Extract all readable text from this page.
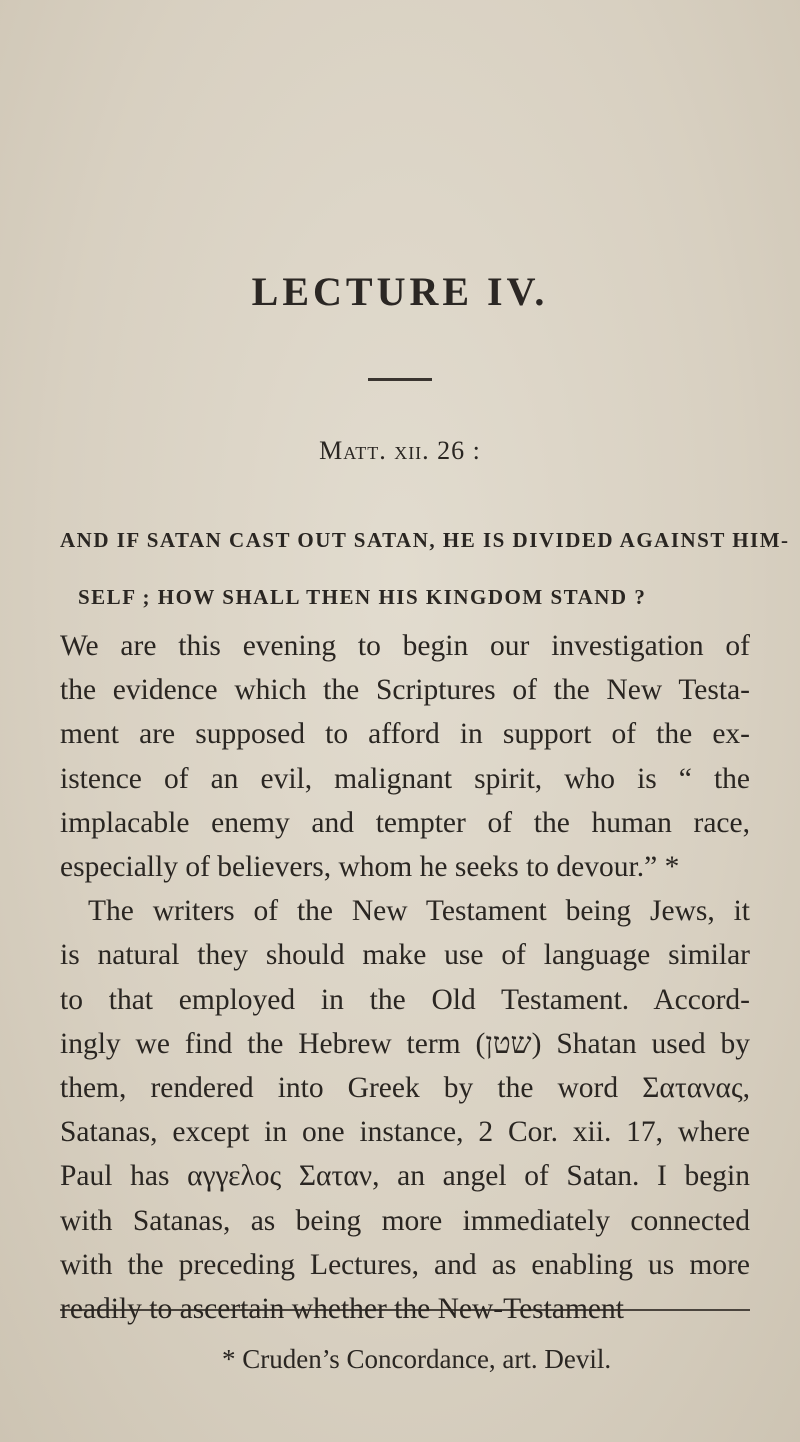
LECTURE IV.
Matt. xii. 26 :
AND IF SATAN CAST OUT SATAN, HE IS DIVIDED AGAINST HIM-
SELF ; HOW SHALL THEN HIS KINGDOM STAND ?
We are this evening to begin our investigation of
the evidence which the Scriptures of the New Testa-
ment are supposed to afford in support of the ex-
istence of an evil, malignant spirit, who is “ the
implacable enemy and tempter of the human race,
especially of believers, whom he seeks to devour.” *
The writers of the New Testament being Jews, it
is natural they should make use of language similar
to that employed in the Old Testament. Accord-
ingly we find the Hebrew term (שטן) Shatan used by
them, rendered into Greek by the word Σατανας,
Satanas, except in one instance, 2 Cor. xii. 17, where
Paul has αγγελος Σαταν, an angel of Satan. I begin
with Satanas, as being more immediately connected
with the preceding Lectures, and as enabling us more
* Cruden’s Concordance, art. Devil.
readily to ascertain whether the New-Testament
